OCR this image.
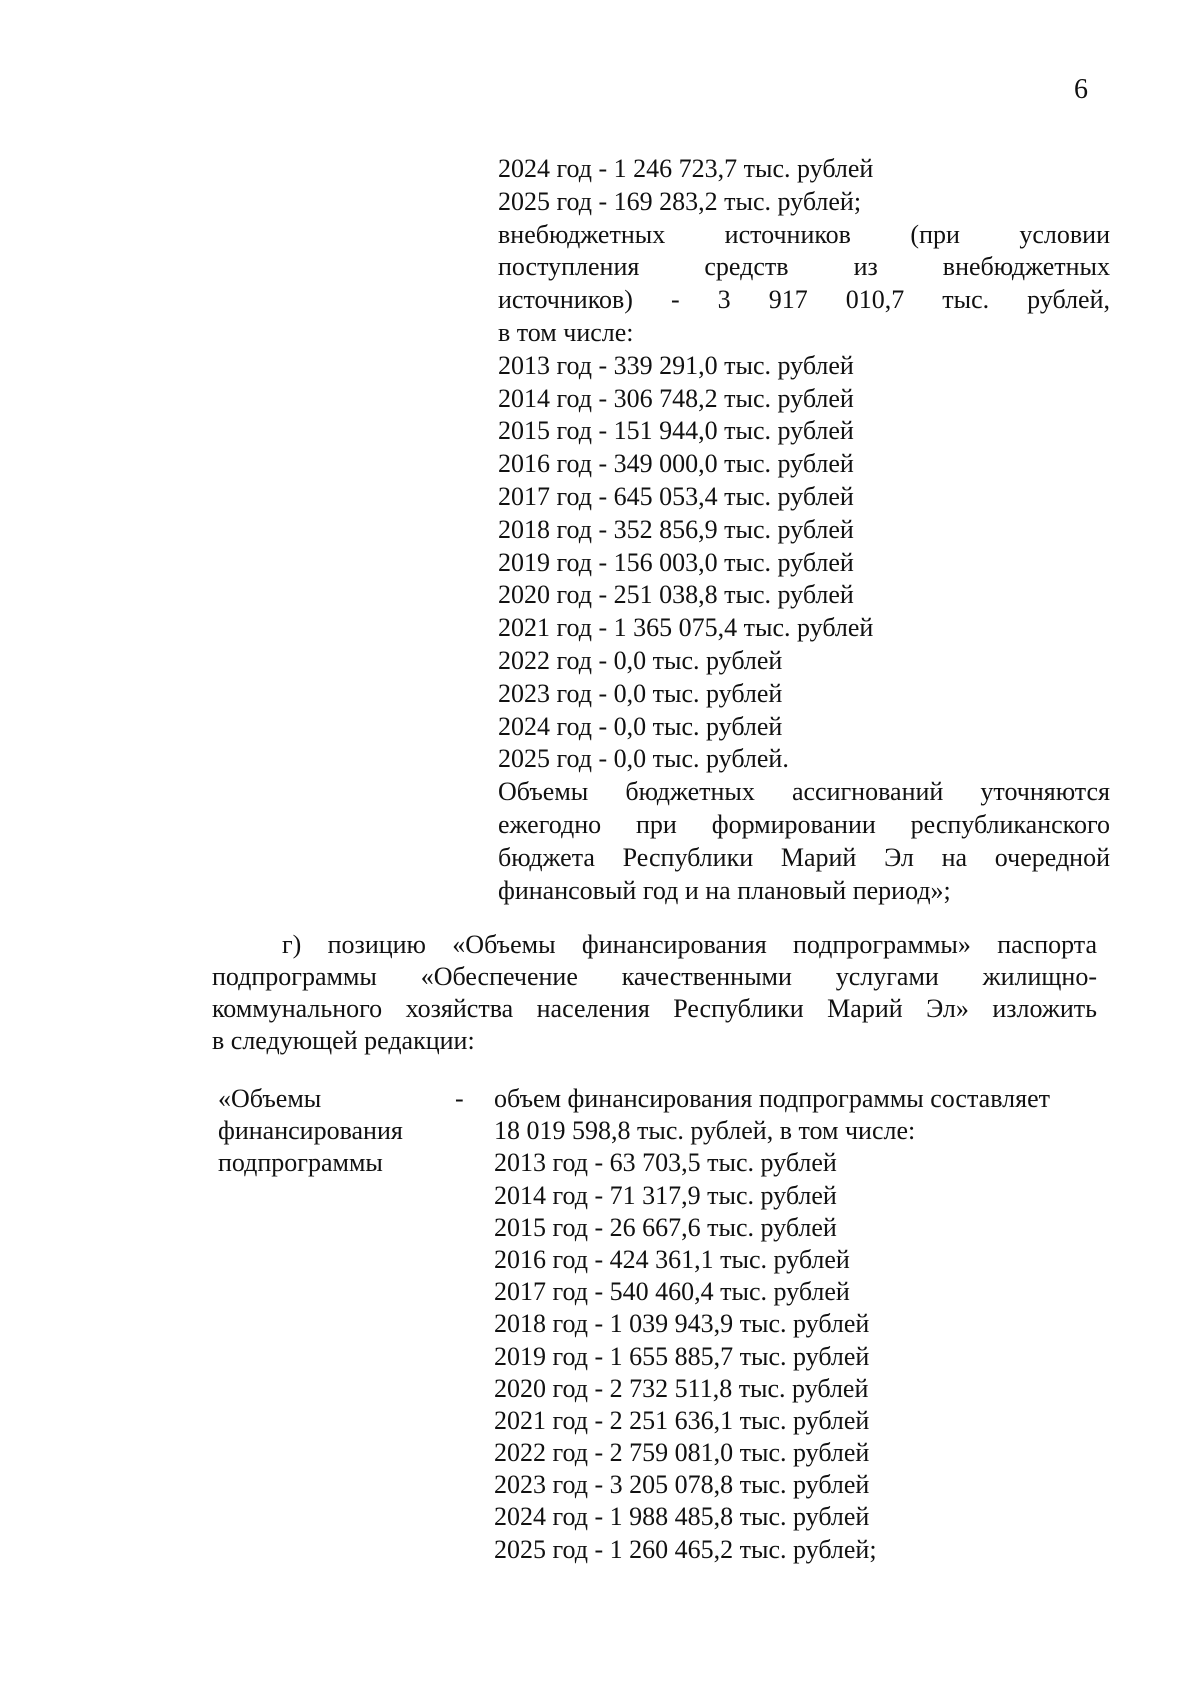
6
2024 год - 1 246 723,7 тыс. рублей
2025 год - 169 283,2 тыс. рублей;
внебюджетных источников (при условии
поступления средств из внебюджетных
источников) - 3 917 010,7 тыс. рублей,
в том числе:
2013 год - 339 291,0 тыс. рублей
2014 год - 306 748,2 тыс. рублей
2015 год - 151 944,0 тыс. рублей
2016 год - 349 000,0 тыс. рублей
2017 год - 645 053,4 тыс. рублей
2018 год - 352 856,9 тыс. рублей
2019 год - 156 003,0 тыс. рублей
2020 год - 251 038,8 тыс. рублей
2021 год - 1 365 075,4 тыс. рублей
2022 год - 0,0 тыс. рублей
2023 год - 0,0 тыс. рублей
2024 год - 0,0 тыс. рублей
2025 год - 0,0 тыс. рублей.
Объемы бюджетных ассигнований уточняются
ежегодно при формировании республиканского
бюджета Республики Марий Эл на очередной
финансовый год и на плановый период»;
г) позицию «Объемы финансирования подпрограммы» паспорта
подпрограммы «Обеспечение качественными услугами жилищно-
коммунального хозяйства населения Республики Марий Эл» изложить
в следующей редакции:
«Объемы
финансирования
подпрограммы
- объем финансирования подпрограммы составляет
18 019 598,8 тыс. рублей, в том числе:
2013 год - 63 703,5 тыс. рублей
2014 год - 71 317,9 тыс. рублей
2015 год - 26 667,6 тыс. рублей
2016 год - 424 361,1 тыс. рублей
2017 год - 540 460,4 тыс. рублей
2018 год - 1 039 943,9 тыс. рублей
2019 год - 1 655 885,7 тыс. рублей
2020 год - 2 732 511,8 тыс. рублей
2021 год - 2 251 636,1 тыс. рублей
2022 год - 2 759 081,0 тыс. рублей
2023 год - 3 205 078,8 тыс. рублей
2024 год - 1 988 485,8 тыс. рублей
2025 год - 1 260 465,2 тыс. рублей;
